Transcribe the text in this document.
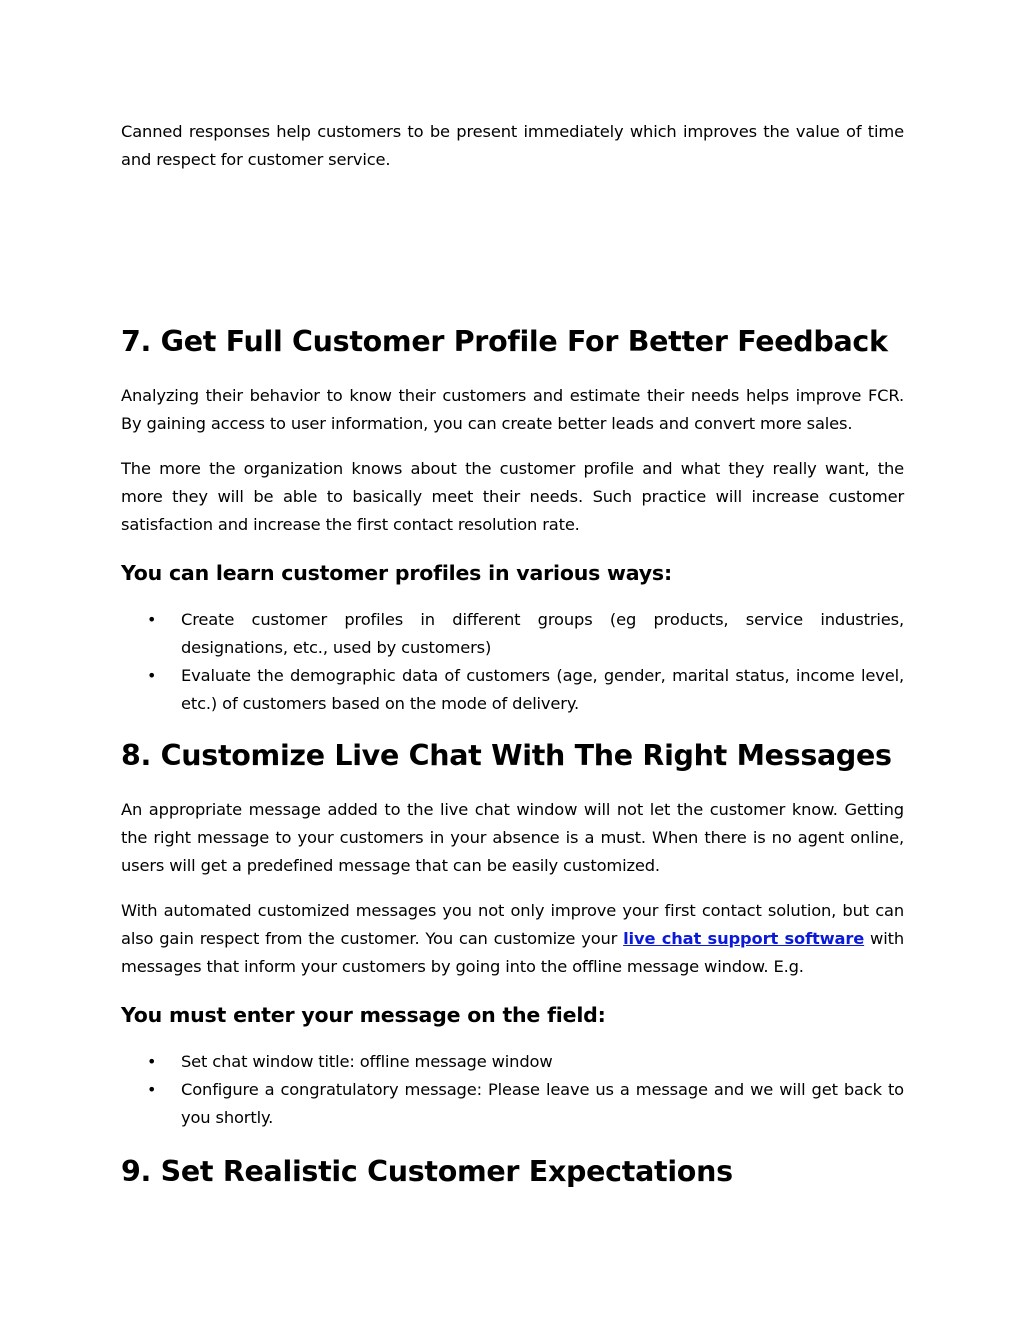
Canned responses help customers to be present immediately which improves the value of time and respect for customer service.

7. Get Full Customer Profile For Better Feedback

Analyzing their behavior to know their customers and estimate their needs helps improve FCR. By gaining access to user information, you can create better leads and convert more sales.

The more the organization knows about the customer profile and what they really want, the more they will be able to basically meet their needs. Such practice will increase customer satisfaction and increase the first contact resolution rate.

You can learn customer profiles in various ways:
• Create customer profiles in different groups (eg products, service industries, designations, etc., used by customers)
• Evaluate the demographic data of customers (age, gender, marital status, income level, etc.) of customers based on the mode of delivery.
8. Customize Live Chat With The Right Messages

An appropriate message added to the live chat window will not let the customer know. Getting the right message to your customers in your absence is a must. When there is no agent online, users will get a predefined message that can be easily customized.

With automated customized messages you not only improve your first contact solution, but can also gain respect from the customer. You can customize your live chat support software with messages that inform your customers by going into the offline message window. E.g.

You must enter your message on the field:
• Set chat window title: offline message window
• Configure a congratulatory message: Please leave us a message and we will get back to you shortly.
9. Set Realistic Customer Expectations
